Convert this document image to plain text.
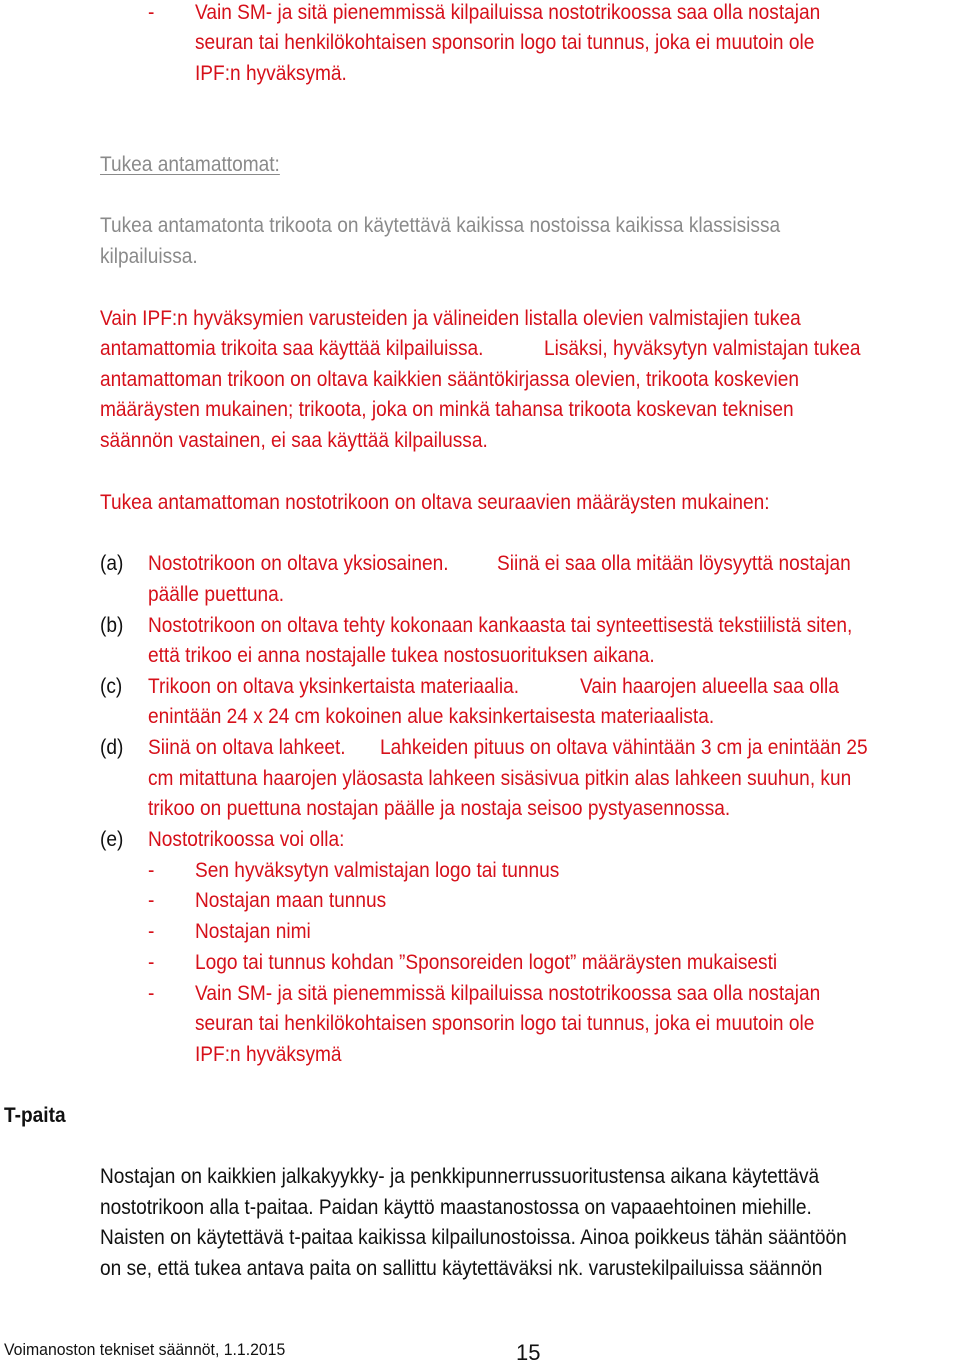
- Vain SM- ja sitä pienemmissä kilpailuissa nostotrikoossa saa olla nostajan
seuran tai henkilökohtaisen sponsorin logo tai tunnus, joka ei muutoin ole
IPF:n hyväksymä.
Tukea antamattomat:
Tukea antamatonta trikoota on käytettävä kaikissa nostoissa kaikissa klassisissa
kilpailuissa.
Vain IPF:n hyväksymien varusteiden ja välineiden listalla olevien valmistajien tukea
antamattomia trikoita saa käyttää kilpailuissa.	Lisäksi, hyväksytyn valmistajan tukea
antamattoman trikoon on oltava kaikkien sääntökirjassa olevien, trikoota koskevien
määräysten mukainen; trikoota, joka on minkä tahansa trikoota koskevan teknisen
säännön vastainen, ei saa käyttää kilpailussa.
Tukea antamattoman nostotrikoon on oltava seuraavien määräysten mukainen:
(a) Nostotrikoon on oltava yksiosainen. Siinä ei saa olla mitään löysyyttä nostajan
päälle puettuna.
(b) Nostotrikoon on oltava tehty kokonaan kankaasta tai synteettisestä tekstiilistä siten,
että trikoo ei anna nostajalle tukea nostosuorituksen aikana.
(c) Trikoon on oltava yksinkertaista materiaalia.	Vain haarojen alueella saa olla
enintään 24 x 24 cm kokoinen alue kaksinkertaisesta materiaalista.
(d) Siinä on oltava lahkeet. Lahkeiden pituus on oltava vähintään 3 cm ja enintään 25
cm mitattuna haarojen yläosasta lahkeen sisäsivua pitkin alas lahkeen suuhun, kun
trikoo on puettuna nostajan päälle ja nostaja seisoo pystyasennossa.
(e) Nostotrikoossa voi olla:
- Sen hyväksytyn valmistajan logo tai tunnus
- Nostajan maan tunnus
- Nostajan nimi
- Logo tai tunnus kohdan ”Sponsoreiden logot” määräysten mukaisesti
- Vain SM- ja sitä pienemmissä kilpailuissa nostotrikoossa saa olla nostajan
seuran tai henkilökohtaisen sponsorin logo tai tunnus, joka ei muutoin ole
IPF:n hyväksymä
T-paita
Nostajan on kaikkien jalkakyykky- ja penkkipunnerrussuoritustensa aikana käytettävä
nostotrikoon alla t-paitaa. Paidan käyttö maastanostossa on vapaaehtoinen miehille.
Naisten on käytettävä t-paitaa kaikissa kilpailunostoissa. Ainoa poikkeus tähän sääntöön
on se, että tukea antava paita on sallittu käytettäväksi nk. varustekilpailuissa säännön
Voimanoston tekniset säännöt, 1.1.2015	15
